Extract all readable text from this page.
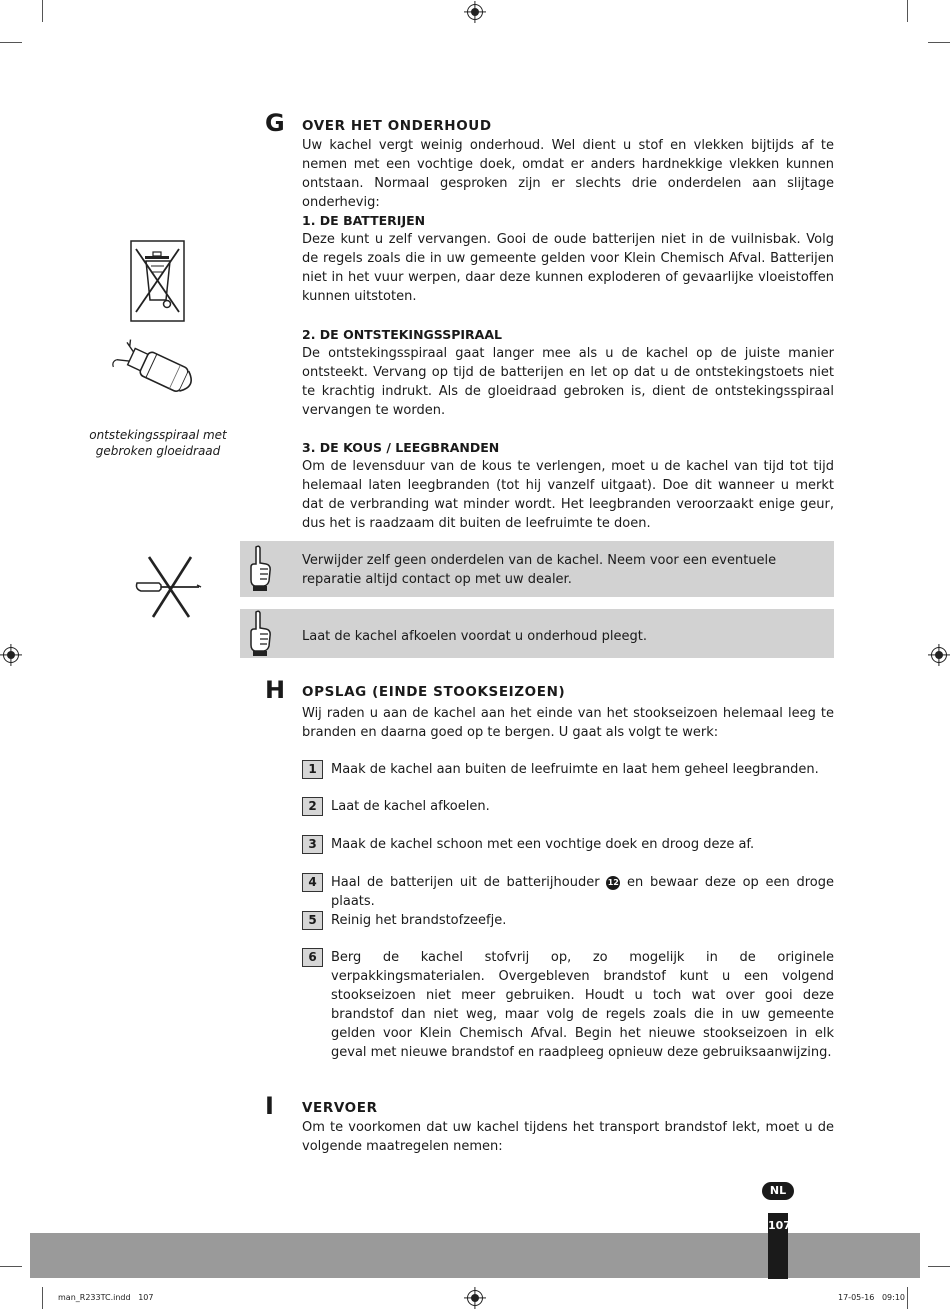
G OVER HET ONDERHOUD
Uw kachel vergt weinig onderhoud. Wel dient u stof en vlekken bijtijds af te nemen met een vochtige doek, omdat er anders hardnekkige vlekken kunnen ontstaan. Normaal gesproken zijn er slechts drie onderdelen aan slijtage onderhevig:
1. DE BATTERIJEN
Deze kunt u zelf vervangen. Gooi de oude batterijen niet in de vuilnisbak. Volg de regels zoals die in uw gemeente gelden voor Klein Chemisch Afval. Batterijen niet in het vuur werpen, daar deze kunnen exploderen of gevaarlijke vloeistoffen kunnen uitstoten.
2. DE ONTSTEKINGSSPIRAAL
De ontstekingsspiraal gaat langer mee als u de kachel op de juiste manier ontsteekt. Vervang op tijd de batterijen en let op dat u de ontstekingstoets niet te krachtig indrukt. Als de gloeidraad gebroken is, dient de ontstekingsspiraal vervangen te worden.
3. DE KOUS / LEEGBRANDEN
Om de levensduur van de kous te verlengen, moet u de kachel van tijd tot tijd helemaal laten leegbranden (tot hij vanzelf uitgaat). Doe dit wanneer u merkt dat de verbranding wat minder wordt. Het leegbranden veroorzaakt enige geur, dus het is raadzaam dit buiten de leefruimte te doen.
ontstekingsspiraal met gebroken gloeidraad
Verwijder zelf geen onderdelen van de kachel. Neem voor een eventuele reparatie altijd contact op met uw dealer.
Laat de kachel afkoelen voordat u onderhoud pleegt.
H OPSLAG (EINDE STOOKSEIZOEN)
Wij raden u aan de kachel aan het einde van het stookseizoen helemaal leeg te branden en daarna goed op te bergen. U gaat als volgt te werk:
1	Maak de kachel aan buiten de leefruimte en laat hem geheel leegbranden.
2	Laat de kachel afkoelen.
3	Maak de kachel schoon met een vochtige doek en droog deze af.
4	Haal de batterijen uit de batterijhouder 12 en bewaar deze op een droge plaats.
5	Reinig het brandstofzeefje.
6	Berg de kachel stofvrij op, zo mogelijk in de originele verpakkingsmaterialen. Overgebleven brandstof kunt u een volgend stookseizoen niet meer gebruiken. Houdt u toch wat over gooi deze brandstof dan niet weg, maar volg de regels zoals die in uw gemeente gelden voor Klein Chemisch Afval. Begin het nieuwe stookseizoen in elk geval met nieuwe brandstof en raadpleeg opnieuw deze gebruiksaanwijzing.
I VERVOER
Om te voorkomen dat uw kachel tijdens het transport brandstof lekt, moet u de volgende maatregelen nemen:
NL
107
man_R233TC.indd   107	17-05-16   09:10
